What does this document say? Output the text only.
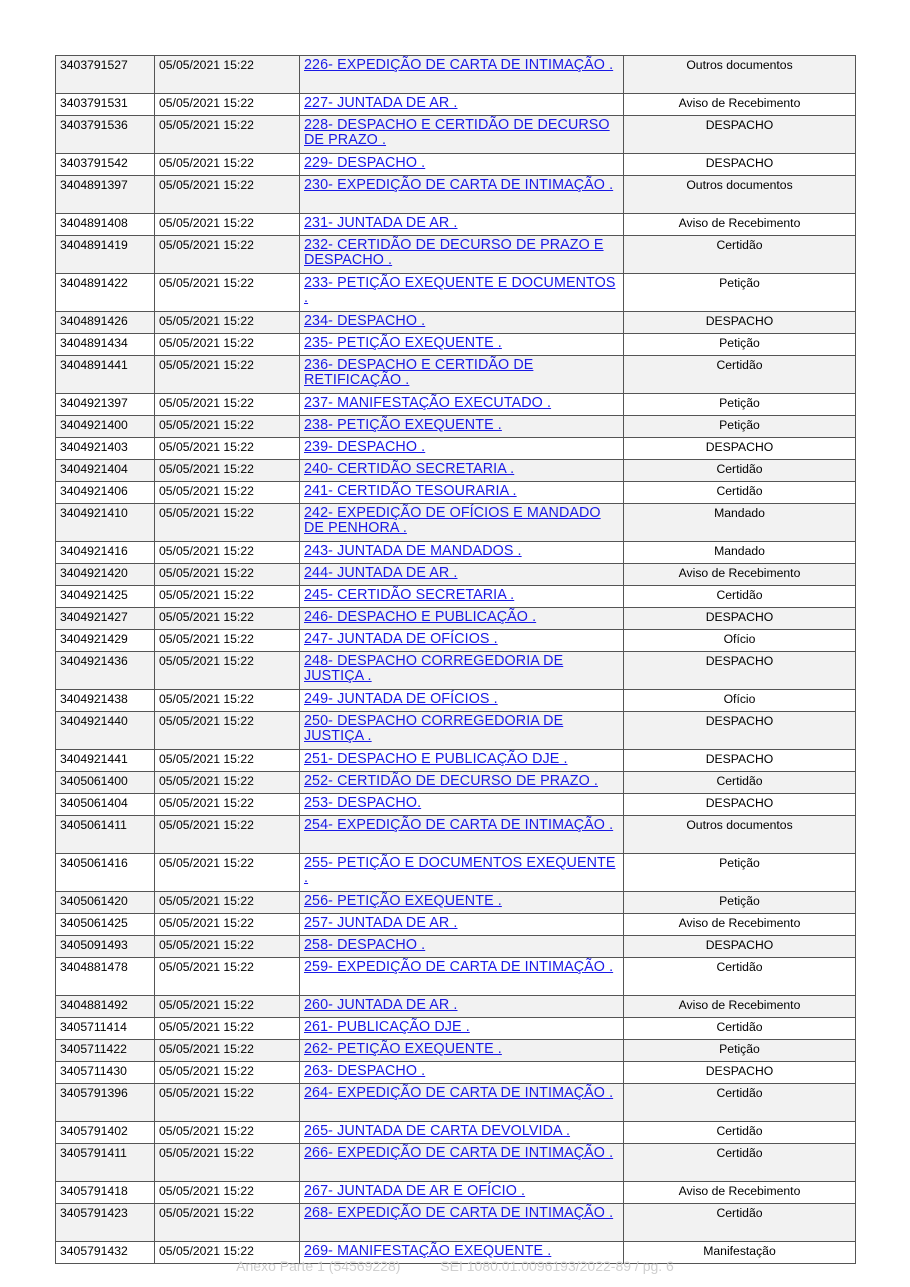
3403791527	05/05/2021 15:22	226- EXPEDIÇÃO DE CARTA DE INTIMAÇÃO .	Outros documentos
3403791531	05/05/2021 15:22	227- JUNTADA DE AR .	Aviso de Recebimento
3403791536	05/05/2021 15:22	228- DESPACHO E CERTIDÃO DE DECURSO DE PRAZO .	DESPACHO
3403791542	05/05/2021 15:22	229- DESPACHO .	DESPACHO
3404891397	05/05/2021 15:22	230- EXPEDIÇÃO DE CARTA DE INTIMAÇÃO .	Outros documentos
3404891408	05/05/2021 15:22	231- JUNTADA DE AR .	Aviso de Recebimento
3404891419	05/05/2021 15:22	232- CERTIDÃO DE DECURSO DE PRAZO E DESPACHO .	Certidão
3404891422	05/05/2021 15:22	233- PETIÇÃO EXEQUENTE E DOCUMENTOS .	Petição
3404891426	05/05/2021 15:22	234- DESPACHO .	DESPACHO
3404891434	05/05/2021 15:22	235- PETIÇÃO EXEQUENTE .	Petição
3404891441	05/05/2021 15:22	236- DESPACHO E CERTIDÃO DE RETIFICAÇÃO .	Certidão
3404921397	05/05/2021 15:22	237- MANIFESTAÇÃO EXECUTADO .	Petição
3404921400	05/05/2021 15:22	238- PETIÇÃO EXEQUENTE .	Petição
3404921403	05/05/2021 15:22	239- DESPACHO .	DESPACHO
3404921404	05/05/2021 15:22	240- CERTIDÃO SECRETARIA .	Certidão
3404921406	05/05/2021 15:22	241- CERTIDÃO TESOURARIA .	Certidão
3404921410	05/05/2021 15:22	242- EXPEDIÇÃO DE OFÍCIOS E MANDADO DE PENHORA .	Mandado
3404921416	05/05/2021 15:22	243- JUNTADA DE MANDADOS .	Mandado
3404921420	05/05/2021 15:22	244- JUNTADA DE AR .	Aviso de Recebimento
3404921425	05/05/2021 15:22	245- CERTIDÃO SECRETARIA .	Certidão
3404921427	05/05/2021 15:22	246- DESPACHO E PUBLICAÇÃO .	DESPACHO
3404921429	05/05/2021 15:22	247- JUNTADA DE OFÍCIOS .	Ofício
3404921436	05/05/2021 15:22	248- DESPACHO CORREGEDORIA DE JUSTIÇA .	DESPACHO
3404921438	05/05/2021 15:22	249- JUNTADA DE OFÍCIOS .	Ofício
3404921440	05/05/2021 15:22	250- DESPACHO CORREGEDORIA DE JUSTIÇA .	DESPACHO
3404921441	05/05/2021 15:22	251- DESPACHO E PUBLICAÇÃO DJE .	DESPACHO
3405061400	05/05/2021 15:22	252- CERTIDÃO DE DECURSO DE PRAZO .	Certidão
3405061404	05/05/2021 15:22	253- DESPACHO.	DESPACHO
3405061411	05/05/2021 15:22	254- EXPEDIÇÃO DE CARTA DE INTIMAÇÃO .	Outros documentos
3405061416	05/05/2021 15:22	255- PETIÇÃO E DOCUMENTOS EXEQUENTE .	Petição
3405061420	05/05/2021 15:22	256- PETIÇÃO EXEQUENTE .	Petição
3405061425	05/05/2021 15:22	257- JUNTADA DE AR .	Aviso de Recebimento
3405091493	05/05/2021 15:22	258- DESPACHO .	DESPACHO
3404881478	05/05/2021 15:22	259- EXPEDIÇÃO DE CARTA DE INTIMAÇÃO .	Certidão
3404881492	05/05/2021 15:22	260- JUNTADA DE AR .	Aviso de Recebimento
3405711414	05/05/2021 15:22	261- PUBLICAÇÃO DJE .	Certidão
3405711422	05/05/2021 15:22	262- PETIÇÃO EXEQUENTE .	Petição
3405711430	05/05/2021 15:22	263- DESPACHO .	DESPACHO
3405791396	05/05/2021 15:22	264- EXPEDIÇÃO DE CARTA DE INTIMAÇÃO .	Certidão
3405791402	05/05/2021 15:22	265- JUNTADA DE CARTA DEVOLVIDA .	Certidão
3405791411	05/05/2021 15:22	266- EXPEDIÇÃO DE CARTA DE INTIMAÇÃO .	Certidão
3405791418	05/05/2021 15:22	267- JUNTADA DE AR E OFÍCIO .	Aviso de Recebimento
3405791423	05/05/2021 15:22	268- EXPEDIÇÃO DE CARTA DE INTIMAÇÃO .	Certidão
3405791432	05/05/2021 15:22	269- MANIFESTAÇÃO EXEQUENTE .	Manifestação
Anexo Parte 1 (54569228)	SEI 1080.01.0096193/2022-89 / pg. 6
